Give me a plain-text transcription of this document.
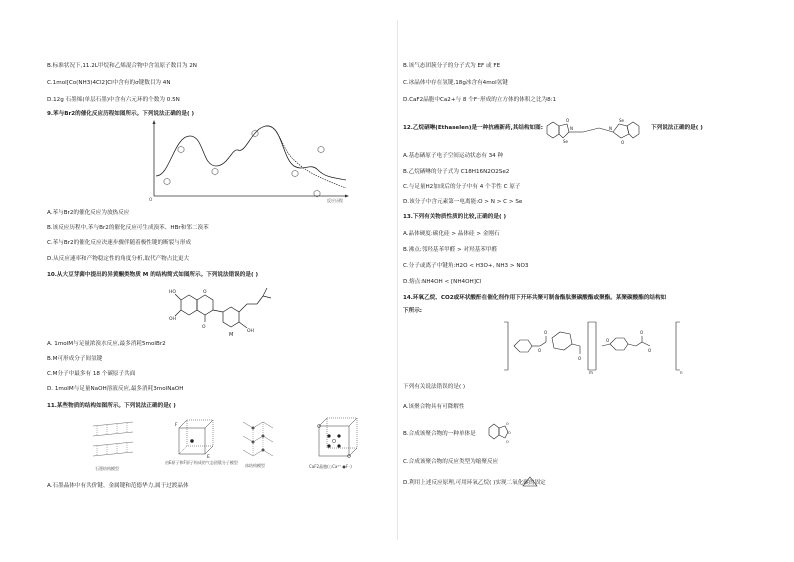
B.标准状况下,11.2L甲烷和乙烯混合物中含氢原子数目为 2N
C.1mol[Co(NH3)4Cl2]Cl中含有的σ键数目为 4N
D.12g 石墨烯(单层石墨)中含有六元环的个数为 0.5N
9.苯与Br2的催化反应历程如图所示。下列说法正确的是( )
反应历程
O
A.苯与Br2的催化反应为放热反应
B.该反应历程中,苯与Br2的催化反应可生成溴苯、HBr和邻二溴苯
C.苯与Br2的催化反应决速步骤伴随着极性键的断裂与形成
D.从反应速率和产物稳定性的角度分析,取代产物占比更大
10.从大豆芽菌中提出的异黄酮类物质 M 的结构简式如图所示。下列说法错误的是( )
HO
OH
O
OH
O
M
A. 1molM与足量浓溴水反应,最多消耗5molBr2
B.M可形成分子间氢键
C.M分子中最多有 18 个碳原子共面
D. 1molM与足量NaOH溶液反应,最多消耗3molNaOH
11.某些物质的结构如图所示。下列说法正确的是( )
石墨结构模型
F
E
由E原子和F原子构成的气态团簇分子模型
冰结构模型	CaF2晶胞(○Ca²⁺ ●F⁻)
A.石墨晶体中有共价键、金属键和范德华力,属于过渡晶体
B.该气态团簇分子的分子式为 EF 或 FE
C.冰晶体中存在氢键,18g冰含有4mol氢键
D.CaF2晶胞中Ca2+与 8 个F⁻形成的立方体的体积之比为8:1
12.乙烷硒啉(Ethaselen)是一种抗癌新药,其结构如图:
O
Se
N	N
Se
O
下列说法正确的是( )
A.基态硒原子电子空间运动状态有 34 种
B.乙烷硒啉的分子式为 C18H16N2O2Se2
C.与足量H2加成后的分子中有 4 个手性 C 原子
D.该分子中含元素第一电离能:O > N > C > Se
13.下列有关物质性质的比较,正确的是( )
A.晶体硬度:碳化硅 > 晶体硅 > 金刚石
B.沸点:邻羟基苯甲醛 > 对羟基苯甲醛
C.分子或离子中键角:H2O < H3O+, NH3 > NO3
D.熔点:NH4OH < [NH4OH]Cl
14.环氧乙烷、CO2或环状酸酐在催化剂作用下开环共聚可制备酯肽聚碳酸酯或聚酯。某聚碳酸酯的结构如
下所示:
O
O
O
O
O
O
m	n
下列有关说法错误的是( )
A.该聚合物具有可降解性
B.合成该聚合物的一种单体是
O
O
O
C.合成该聚合物的反应类型为缩聚反应
D.利用上述反应原理,可用环氧乙烷( )实现二氧化碳的固定
